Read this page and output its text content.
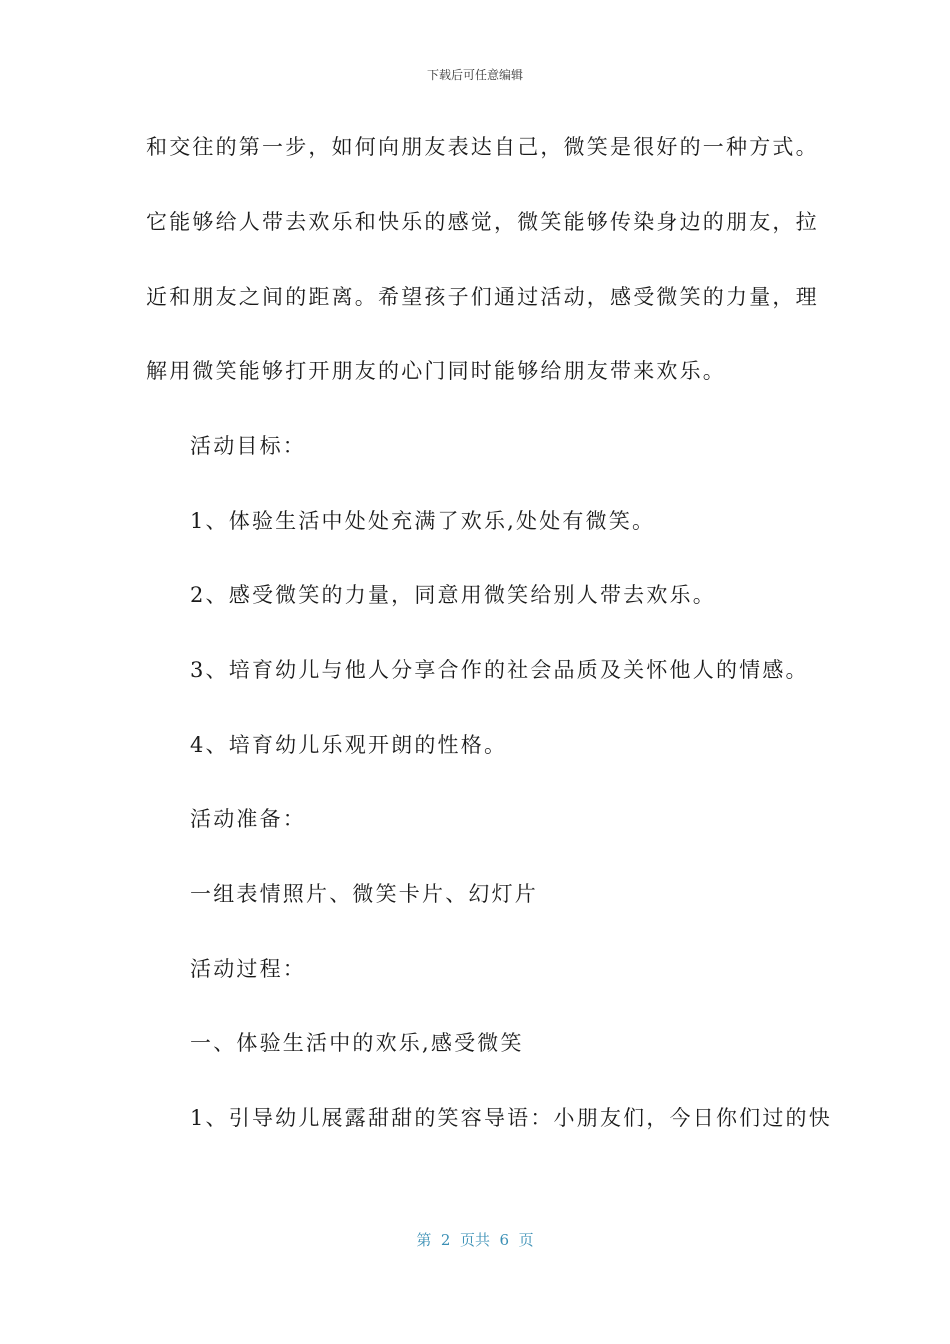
下载后可任意编辑
和交往的第一步，如何向朋友表达自己，微笑是很好的一种方式。
它能够给人带去欢乐和快乐的感觉，微笑能够传染身边的朋友，拉
近和朋友之间的距离。希望孩子们通过活动，感受微笑的力量，理
解用微笑能够打开朋友的心门同时能够给朋友带来欢乐。
活动目标：
1、体验生活中处处充满了欢乐,处处有微笑。
2、感受微笑的力量，同意用微笑给别人带去欢乐。
3、培育幼儿与他人分享合作的社会品质及关怀他人的情感。
4、培育幼儿乐观开朗的性格。
活动准备：
一组表情照片、微笑卡片、幻灯片
活动过程：
一、体验生活中的欢乐,感受微笑
1、引导幼儿展露甜甜的笑容导语：小朋友们，今日你们过的快
第  2  页共  6  页
